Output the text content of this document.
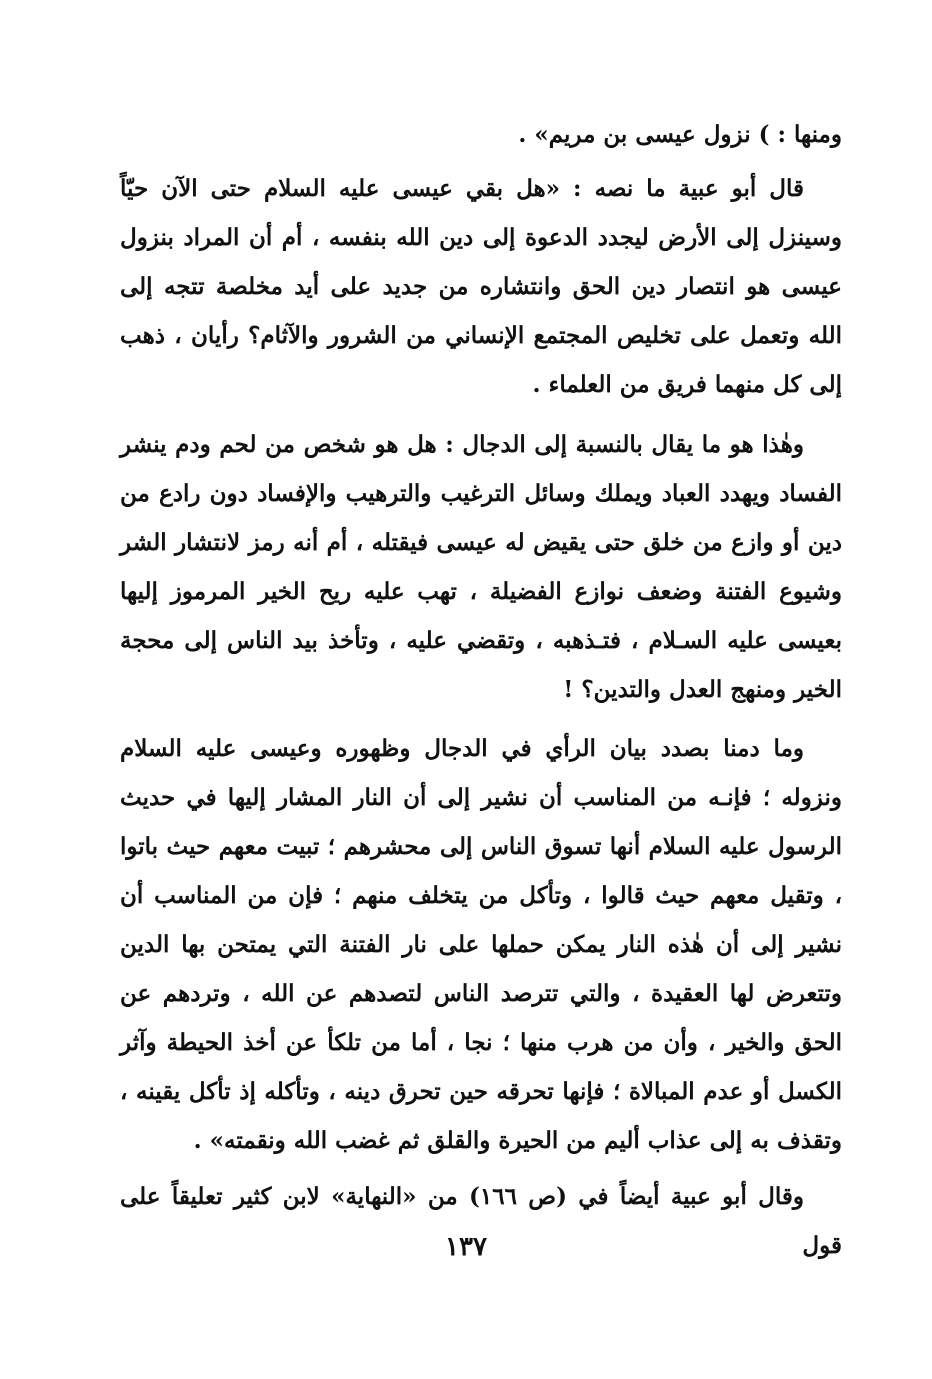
ومنها : ) نزول عيسى بن مريم» .

قال أبو عبية ما نصه : «هل بقي عيسى عليه السلام حتى الآن حيّاً وسينزل إلى الأرض ليجدد الدعوة إلى دين الله بنفسه ، أم أن المراد بنزول عيسى هو انتصار دين الحق وانتشاره من جديد على أيد مخلصة تتجه إلى الله وتعمل على تخليص المجتمع الإنساني من الشرور والآثام؟ رأيان ، ذهب إلى كل منهما فريق من العلماء .

وهٰذا هو ما يقال بالنسبة إلى الدجال : هل هو شخص من لحم ودم ينشر الفساد ويهدد العباد ويملك وسائل الترغيب والترهيب والإفساد دون رادع من دين أو وازع من خلق حتى يقيض له عيسى فيقتله ، أم أنه رمز لانتشار الشر وشيوع الفتنة وضعف نوازع الفضيلة ، تهب عليه ريح الخير المرموز إليها بعيسى عليه السـلام ، فتـذهبه ، وتقضي عليه ، وتأخذ بيد الناس إلى محجة الخير ومنهج العدل والتدين؟ !

وما دمنا بصدد بيان الرأي في الدجال وظهوره وعيسى عليه السلام ونزوله ؛ فإنـه من المناسب أن نشير إلى أن النار المشار إليها في حديث الرسول عليه السلام أنها تسوق الناس إلى محشرهم ؛ تبيت معهم حيث باتوا ، وتقيل معهم حيث قالوا ، وتأكل من يتخلف منهم ؛ فإن من المناسب أن نشير إلى أن هٰذه النار يمكن حملها على نار الفتنة التي يمتحن بها الدين وتتعرض لها العقيدة ، والتي تترصد الناس لتصدهم عن الله ، وتردهم عن الحق والخير ، وأن من هرب منها ؛ نجا ، أما من تلكأ عن أخذ الحيطة وآثر الكسل أو عدم المبالاة ؛ فإنها تحرقه حين تحرق دينه ، وتأكله إذ تأكل يقينه ، وتقذف به إلى عذاب أليم من الحيرة والقلق ثم غضب الله ونقمته» .

وقال أبو عبية أيضاً في (ص ١٦٦) من «النهاية» لابن كثير تعليقاً على قول

١٣٧
